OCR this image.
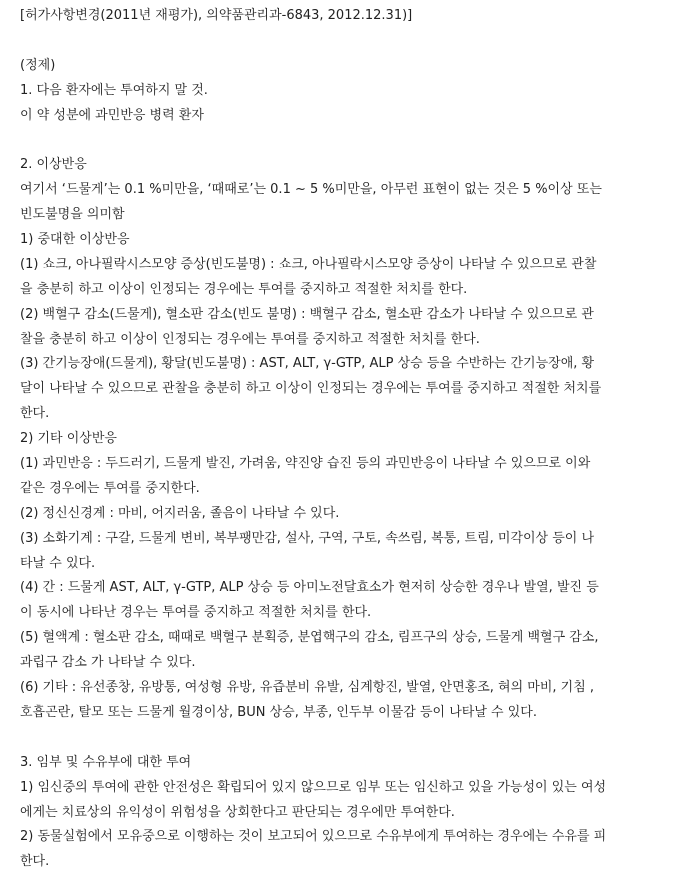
[허가사항변경(2011년 재평가), 의약품관리과-6843, 2012.12.31)]
(정제)
1. 다음 환자에는 투여하지 말 것.
이 약 성분에 과민반응 병력 환자
2. 이상반응
여기서 ‘드물게’는 0.1 %미만을, ‘때때로’는 0.1 ~ 5 %미만을, 아무런 표현이 없는 것은 5 %이상 또는
빈도불명을 의미함
1) 중대한 이상반응
(1) 쇼크, 아나필락시스모양 증상(빈도불명) : 쇼크, 아나필락시스모양 증상이 나타날 수 있으므로 관찰
을 충분히 하고 이상이 인정되는 경우에는 투여를 중지하고 적절한 처치를 한다.
(2) 백혈구 감소(드물게), 혈소판 감소(빈도 불명) : 백혈구 감소, 혈소판 감소가 나타날 수 있으므로 관
찰을 충분히 하고 이상이 인정되는 경우에는 투여를 중지하고 적절한 처치를 한다.
(3) 간기능장애(드물게), 황달(빈도불명) : AST, ALT, γ-GTP, ALP 상승 등을 수반하는 간기능장애, 황
달이 나타날 수 있으므로 관찰을 충분히 하고 이상이 인정되는 경우에는 투여를 중지하고 적절한 처치를
한다.
2) 기타 이상반응
(1) 과민반응 : 두드러기, 드물게 발진, 가려움, 약진양 습진 등의 과민반응이 나타날 수 있으므로 이와
같은 경우에는 투여를 중지한다.
(2) 정신신경계 : 마비, 어지러움, 졸음이 나타날 수 있다.
(3) 소화기계 : 구갈, 드물게 변비, 복부팽만감, 설사, 구역, 구토, 속쓰림, 복통, 트림, 미각이상 등이 나
타날 수 있다.
(4) 간 : 드물게 AST, ALT, γ-GTP, ALP 상승 등 아미노전달효소가 현저히 상승한 경우나 발열, 발진 등
이 동시에 나타난 경우는 투여를 중지하고 적절한 처치를 한다.
(5) 혈액계 : 혈소판 감소, 때때로 백혈구 분획증, 분엽핵구의 감소, 림프구의 상승, 드물게 백혈구 감소,
과립구 감소 가 나타날 수 있다.
(6) 기타 : 유선종창, 유방통, 여성형 유방, 유즙분비 유발, 심계항진, 발열, 안면홍조, 혀의 마비, 기침 ,
호흡곤란, 탈모 또는 드물게 월경이상, BUN 상승, 부종, 인두부 이물감 등이 나타날 수 있다.
3. 임부 및 수유부에 대한 투여
1) 임신중의 투여에 관한 안전성은 확립되어 있지 않으므로 임부 또는 임신하고 있을 가능성이 있는 여성
에게는 치료상의 유익성이 위험성을 상회한다고 판단되는 경우에만 투여한다.
2) 동물실험에서 모유중으로 이행하는 것이 보고되어 있으므로 수유부에게 투여하는 경우에는 수유를 피
한다.
